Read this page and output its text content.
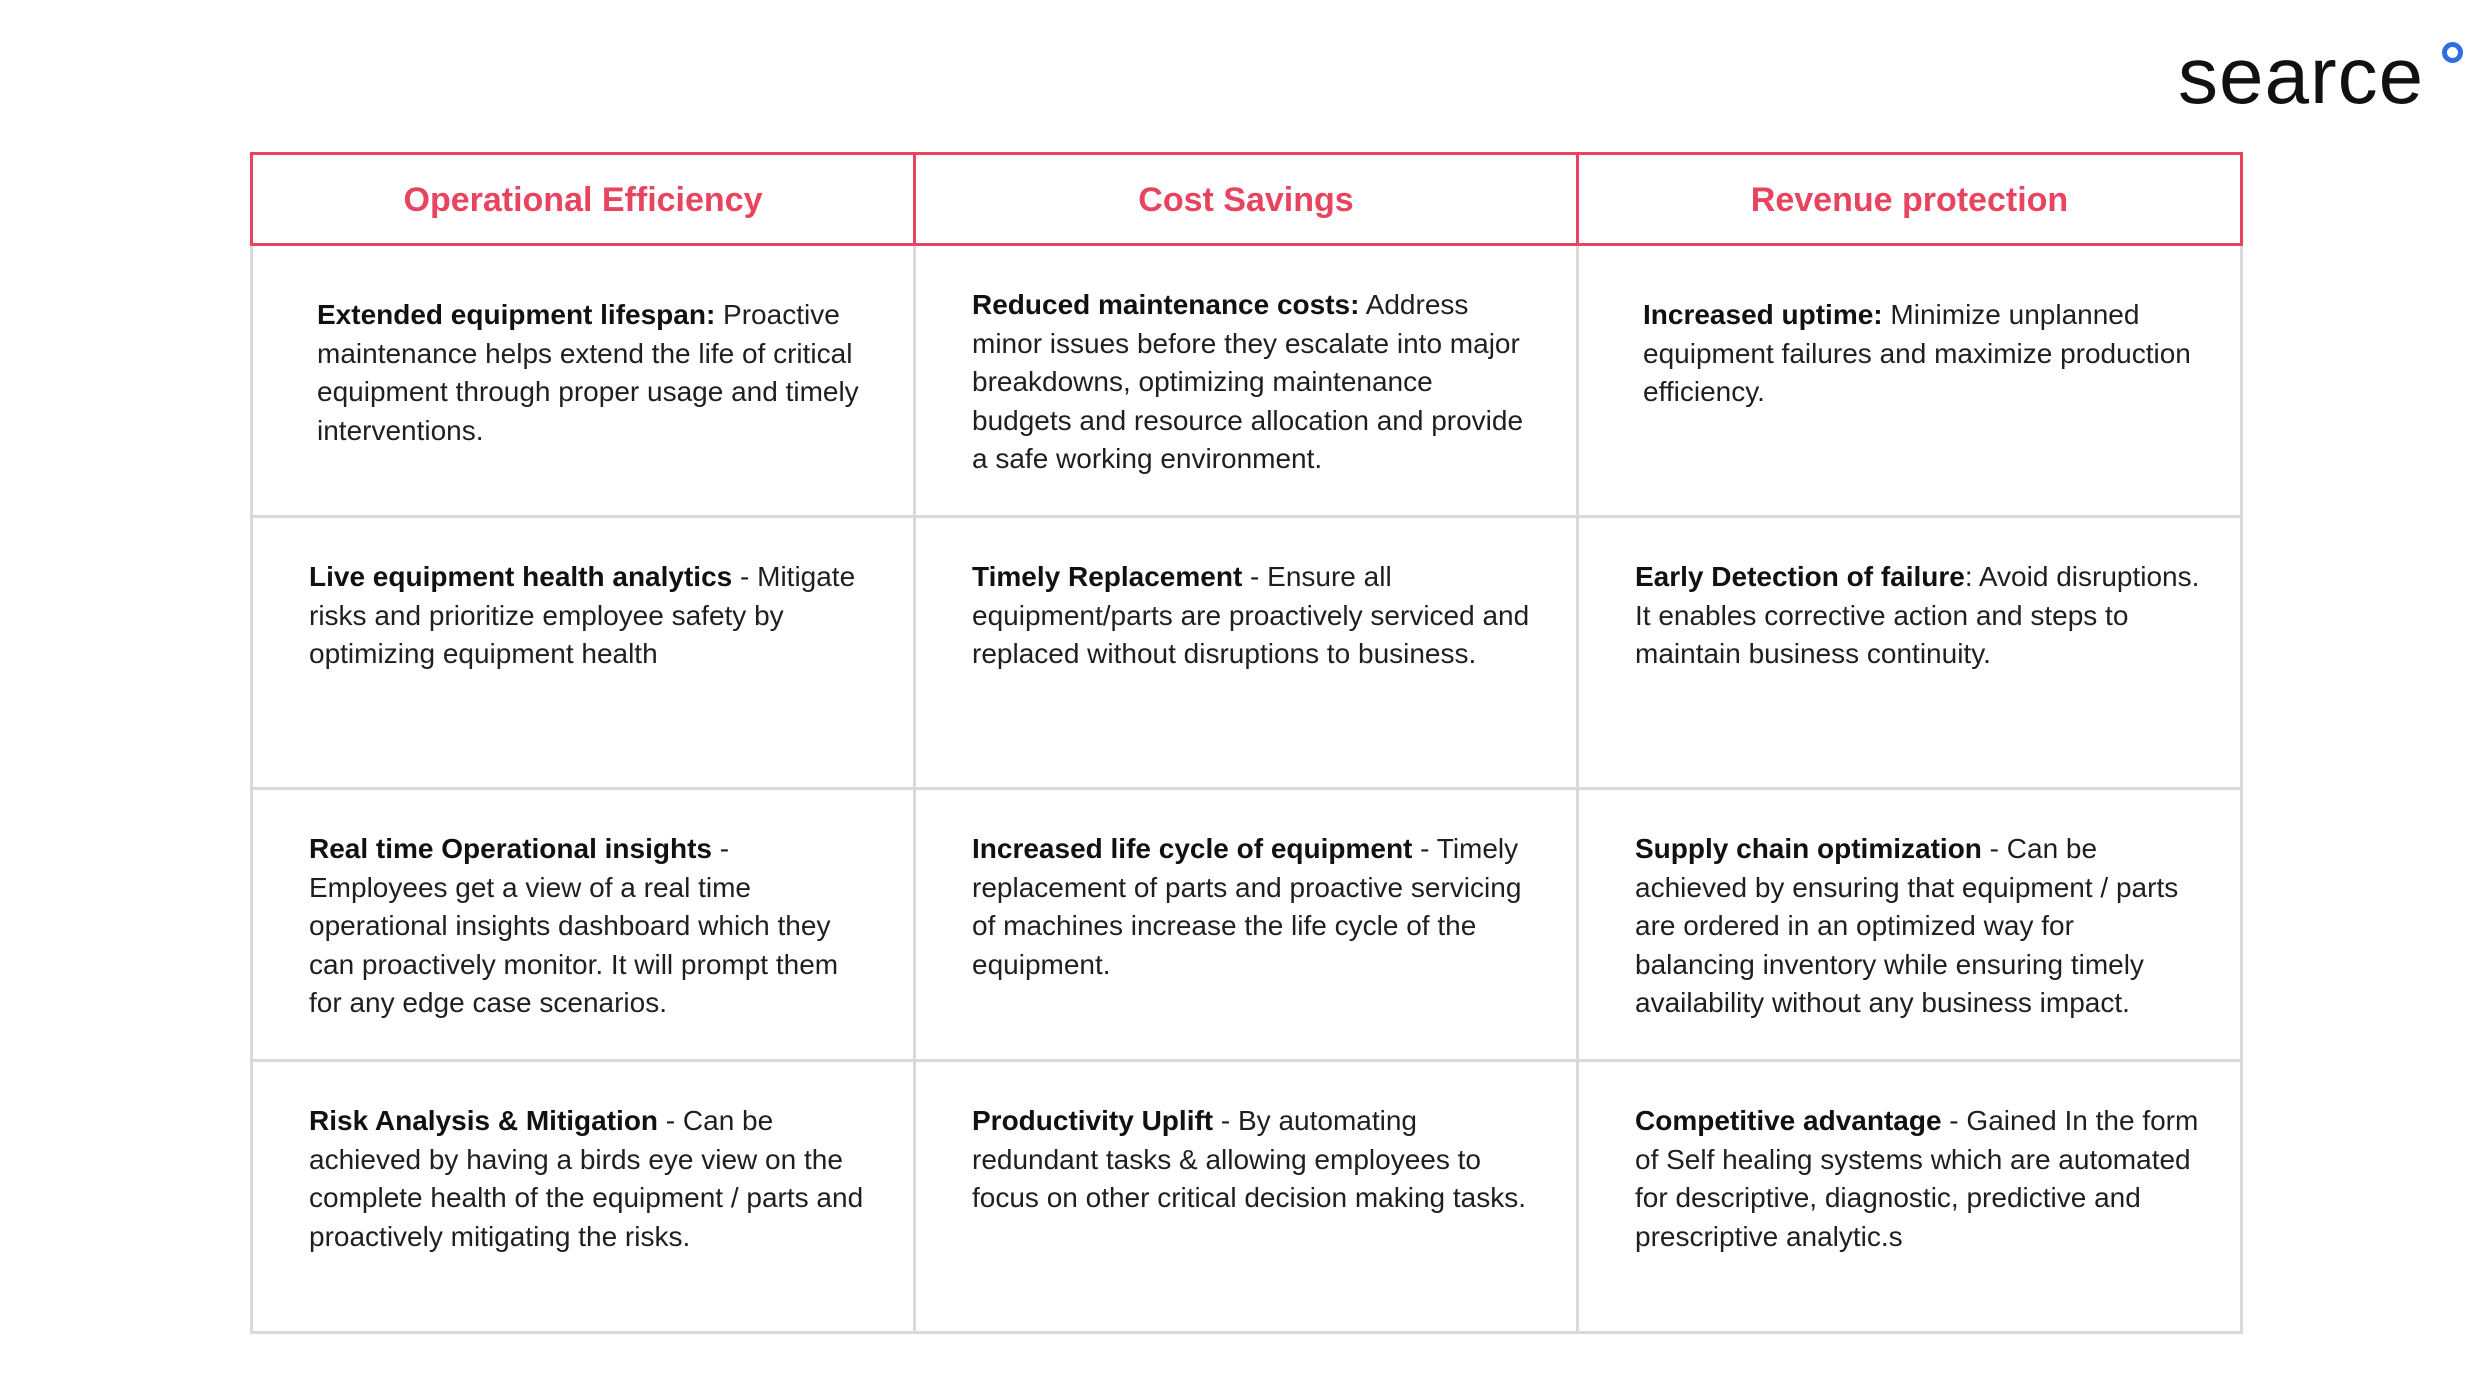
searce
Operational Efficiency	Cost Savings	Revenue protection

Extended equipment lifespan: Proactive maintenance helps extend the life of critical equipment through proper usage and timely interventions.	Reduced maintenance costs: Address minor issues before they escalate into major breakdowns, optimizing maintenance budgets and resource allocation and provide a safe working environment.	Increased uptime: Minimize unplanned equipment failures and maximize production efficiency.

Live equipment health analytics - Mitigate risks and prioritize employee safety by optimizing equipment health	Timely Replacement - Ensure all equipment/parts are proactively serviced and replaced without disruptions to business.	Early Detection of failure: Avoid disruptions. It enables corrective action and steps to maintain business continuity.

Real time Operational insights - Employees get a view of a real time operational insights dashboard which they can proactively monitor. It will prompt them for any edge case scenarios.	Increased life cycle of equipment - Timely replacement of parts and proactive servicing of machines increase the life cycle of the equipment.	Supply chain optimization - Can be achieved by ensuring that equipment / parts are ordered in an optimized way for balancing inventory while ensuring timely availability without any business impact.

Risk Analysis & Mitigation - Can be achieved by having a birds eye view on the complete health of the equipment / parts and proactively mitigating the risks.	Productivity Uplift - By automating redundant tasks & allowing employees to focus on other critical decision making tasks.	Competitive advantage - Gained In the form of Self healing systems which are automated for descriptive, diagnostic, predictive and prescriptive analytic.s
